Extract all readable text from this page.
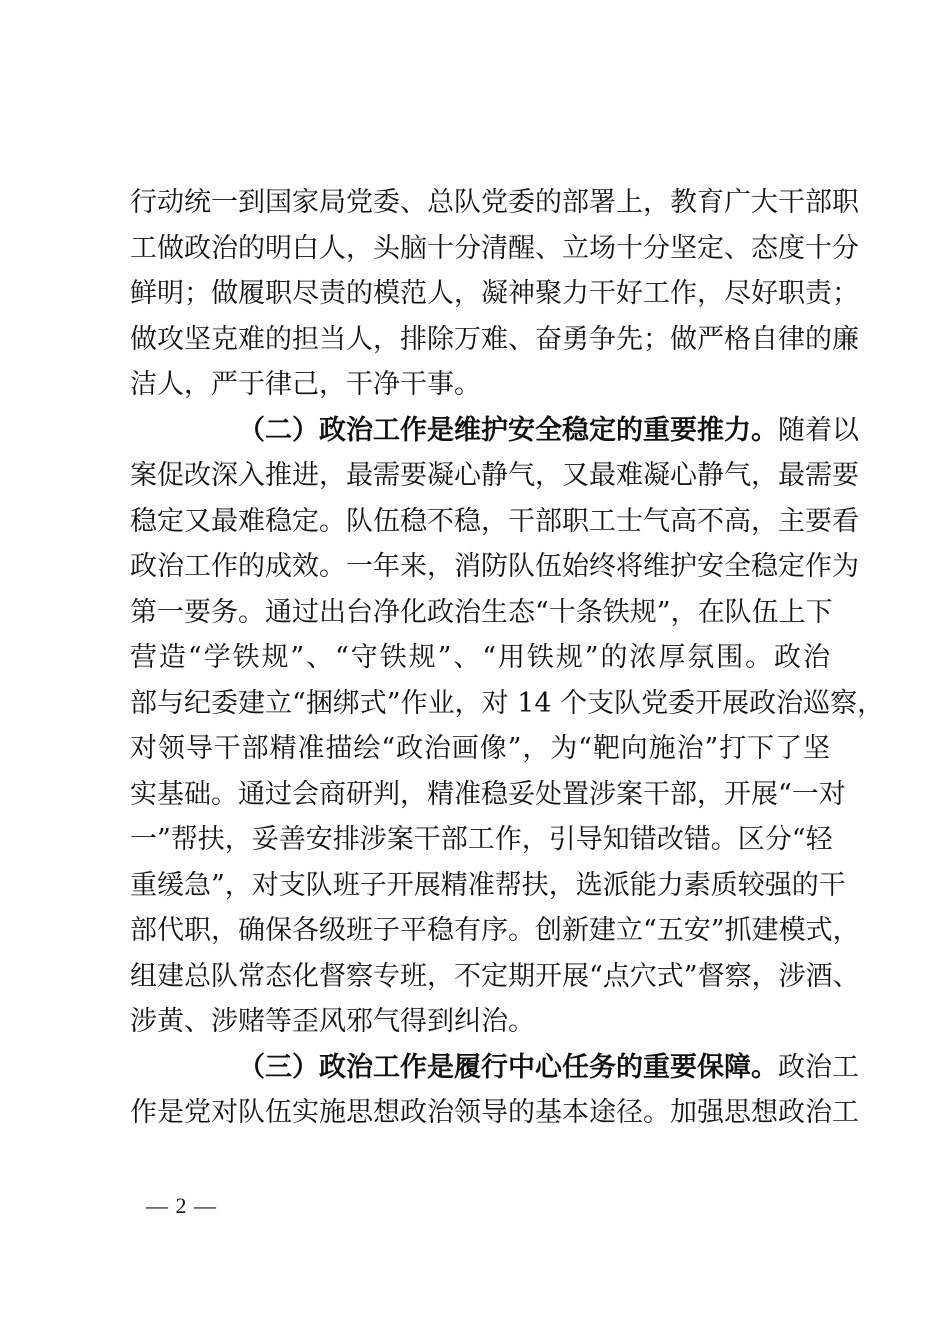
行动统一到国家局党委、总队党委的部署上，教育广大干部职
工做政治的明白人，头脑十分清醒、立场十分坚定、态度十分
鲜明；做履职尽责的模范人，凝神聚力干好工作，尽好职责；
做攻坚克难的担当人，排除万难、奋勇争先；做严格自律的廉
洁人，严于律己，干净干事。
（二）政治工作是维护安全稳定的重要推力。随着以
案促改深入推进，最需要凝心静气，又最难凝心静气，最需要
稳定又最难稳定。队伍稳不稳，干部职工士气高不高，主要看
政治工作的成效。一年来，消防队伍始终将维护安全稳定作为
第一要务。通过出台净化政治生态“十条铁规”，在队伍上下
营造“学铁规”、“守铁规”、“用铁规”的浓厚氛围。政治
部与纪委建立“捆绑式”作业，对 14 个支队党委开展政治巡察，
对领导干部精准描绘“政治画像”，为“靶向施治”打下了坚
实基础。通过会商研判，精准稳妥处置涉案干部，开展“一对
一”帮扶，妥善安排涉案干部工作，引导知错改错。区分“轻
重缓急”，对支队班子开展精准帮扶，选派能力素质较强的干
部代职，确保各级班子平稳有序。创新建立“五安”抓建模式，
组建总队常态化督察专班，不定期开展“点穴式”督察，涉酒、
涉黄、涉赌等歪风邪气得到纠治。
（三）政治工作是履行中心任务的重要保障。政治工
作是党对队伍实施思想政治领导的基本途径。加强思想政治工
— 2 —
